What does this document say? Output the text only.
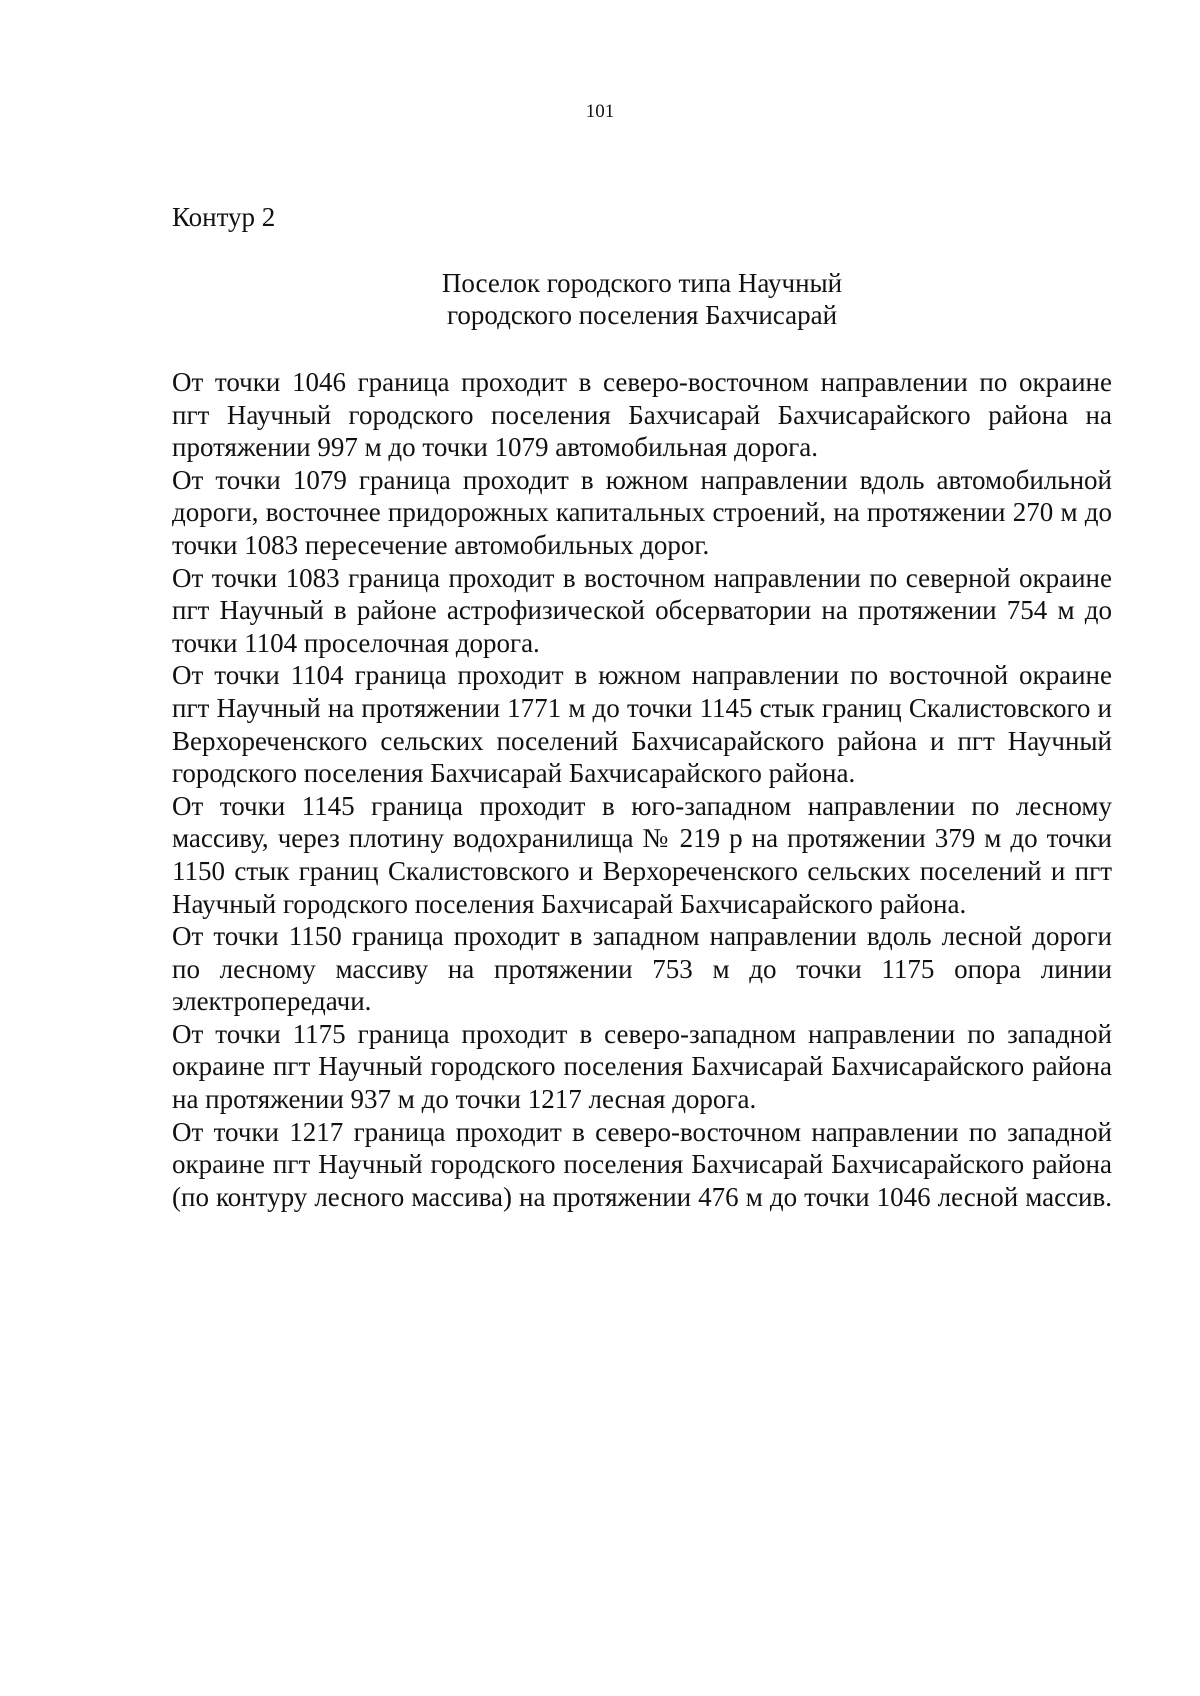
101
Контур 2
Поселок городского типа Научный
городского поселения Бахчисарай

От точки 1046 граница проходит в северо-восточном направлении по окраине пгт Научный городского поселения Бахчисарай Бахчисарайского района на протяжении 997 м до точки 1079 автомобильная дорога.

От точки 1079 граница проходит в южном направлении вдоль автомобильной дороги, восточнее придорожных капитальных строений, на протяжении 270 м до точки 1083 пересечение автомобильных дорог.

От точки 1083 граница проходит в восточном направлении по северной окраине пгт Научный в районе астрофизической обсерватории на протяжении 754 м до точки 1104 проселочная дорога.

От точки 1104 граница проходит в южном направлении по восточной окраине пгт Научный на протяжении 1771 м до точки 1145 стык границ Скалистовского и Верхореченского сельских поселений Бахчисарайского района и пгт Научный городского поселения Бахчисарай Бахчисарайского района.

От точки 1145 граница проходит в юго-западном направлении по лесному массиву, через плотину водохранилища № 219 р на протяжении 379 м до точки 1150 стык границ Скалистовского и Верхореченского сельских поселений и пгт Научный городского поселения Бахчисарай Бахчисарайского района.

От точки 1150 граница проходит в западном направлении вдоль лесной дороги по лесному массиву на протяжении 753 м до точки 1175 опора линии электропередачи.

От точки 1175 граница проходит в северо-западном направлении по западной окраине пгт Научный городского поселения Бахчисарай Бахчисарайского района на протяжении 937 м до точки 1217 лесная дорога.

От точки 1217 граница проходит в северо-восточном направлении по западной окраине пгт Научный городского поселения Бахчисарай Бахчисарайского района (по контуру лесного массива) на протяжении 476 м до точки 1046 лесной массив.
